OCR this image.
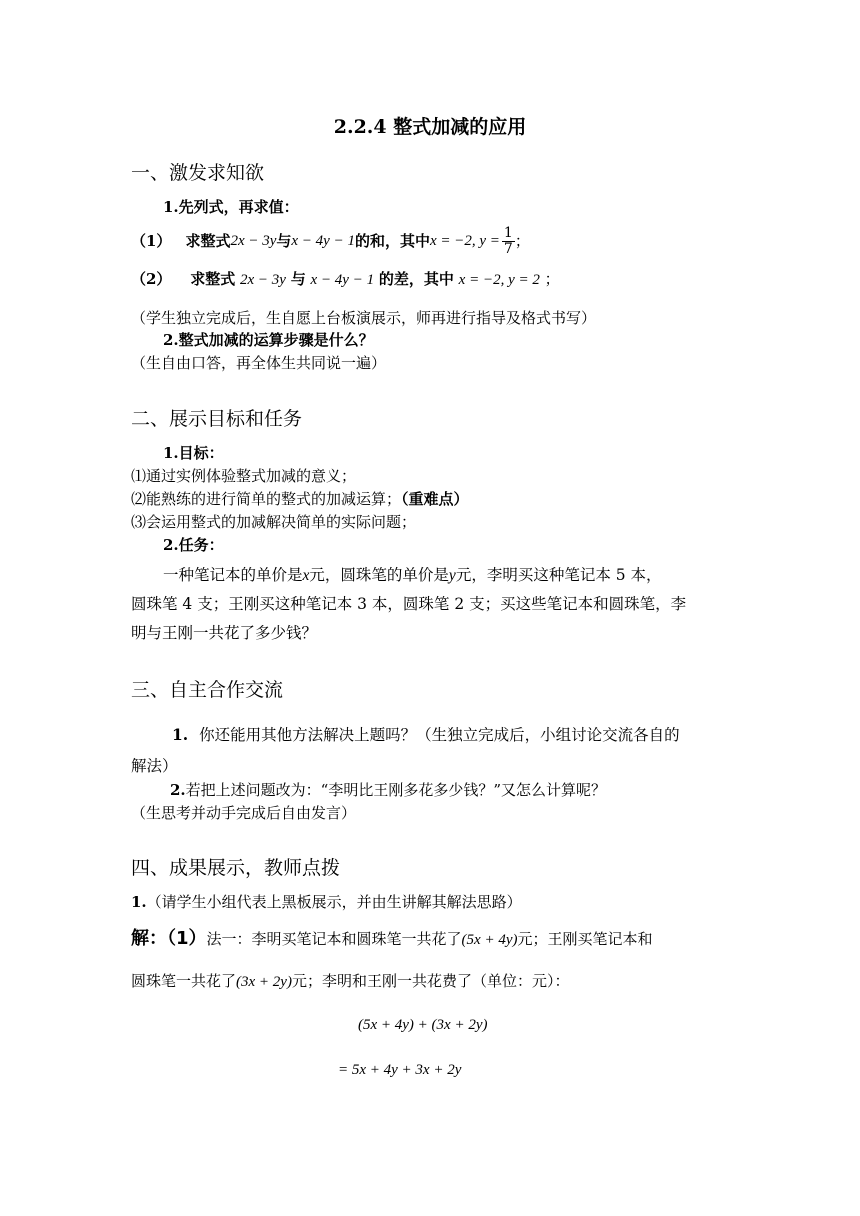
2.2.4 整式加减的应用
一、激发求知欲
1.先列式，再求值：
（1） 求整式 2x − 3y 与 x − 4y − 1 的和，其中 x = −2, $y = \frac{1}{7}$ ；
（2） 求整式 2x − 3y 与 x − 4y − 1 的差，其中 x = −2, y = 2 ；
（学生独立完成后，生自愿上台板演展示，师再进行指导及格式书写）
2.整式加减的运算步骤是什么？
（生自由口答，再全体生共同说一遍）
二、展示目标和任务
1.目标：
⑴通过实例体验整式加减的意义；
⑵能熟练的进行简单的整式的加减运算；（重难点）
⑶会运用整式的加减解决简单的实际问题；
2.任务：
一种笔记本的单价是x元，圆珠笔的单价是y元，李明买这种笔记本 5 本，
圆珠笔 4 支；王刚买这种笔记本 3 本，圆珠笔 2 支；买这些笔记本和圆珠笔，李
明与王刚一共花了多少钱？
三、自主合作交流
1. 你还能用其他方法解决上题吗？（生独立完成后，小组讨论交流各自的
解法）
2.若把上述问题改为：“李明比王刚多花多少钱？”又怎么计算呢？
（生思考并动手完成后自由发言）
四、成果展示，教师点拨
1.（请学生小组代表上黑板展示，并由生讲解其解法思路）
解：（1）法一：李明买笔记本和圆珠笔一共花了(5x + 4y)元；王刚买笔记本和
圆珠笔一共花了(3x + 2y)元；李明和王刚一共花费了（单位：元）：
(5x + 4y) + (3x + 2y)
= 5x + 4y + 3x + 2y
